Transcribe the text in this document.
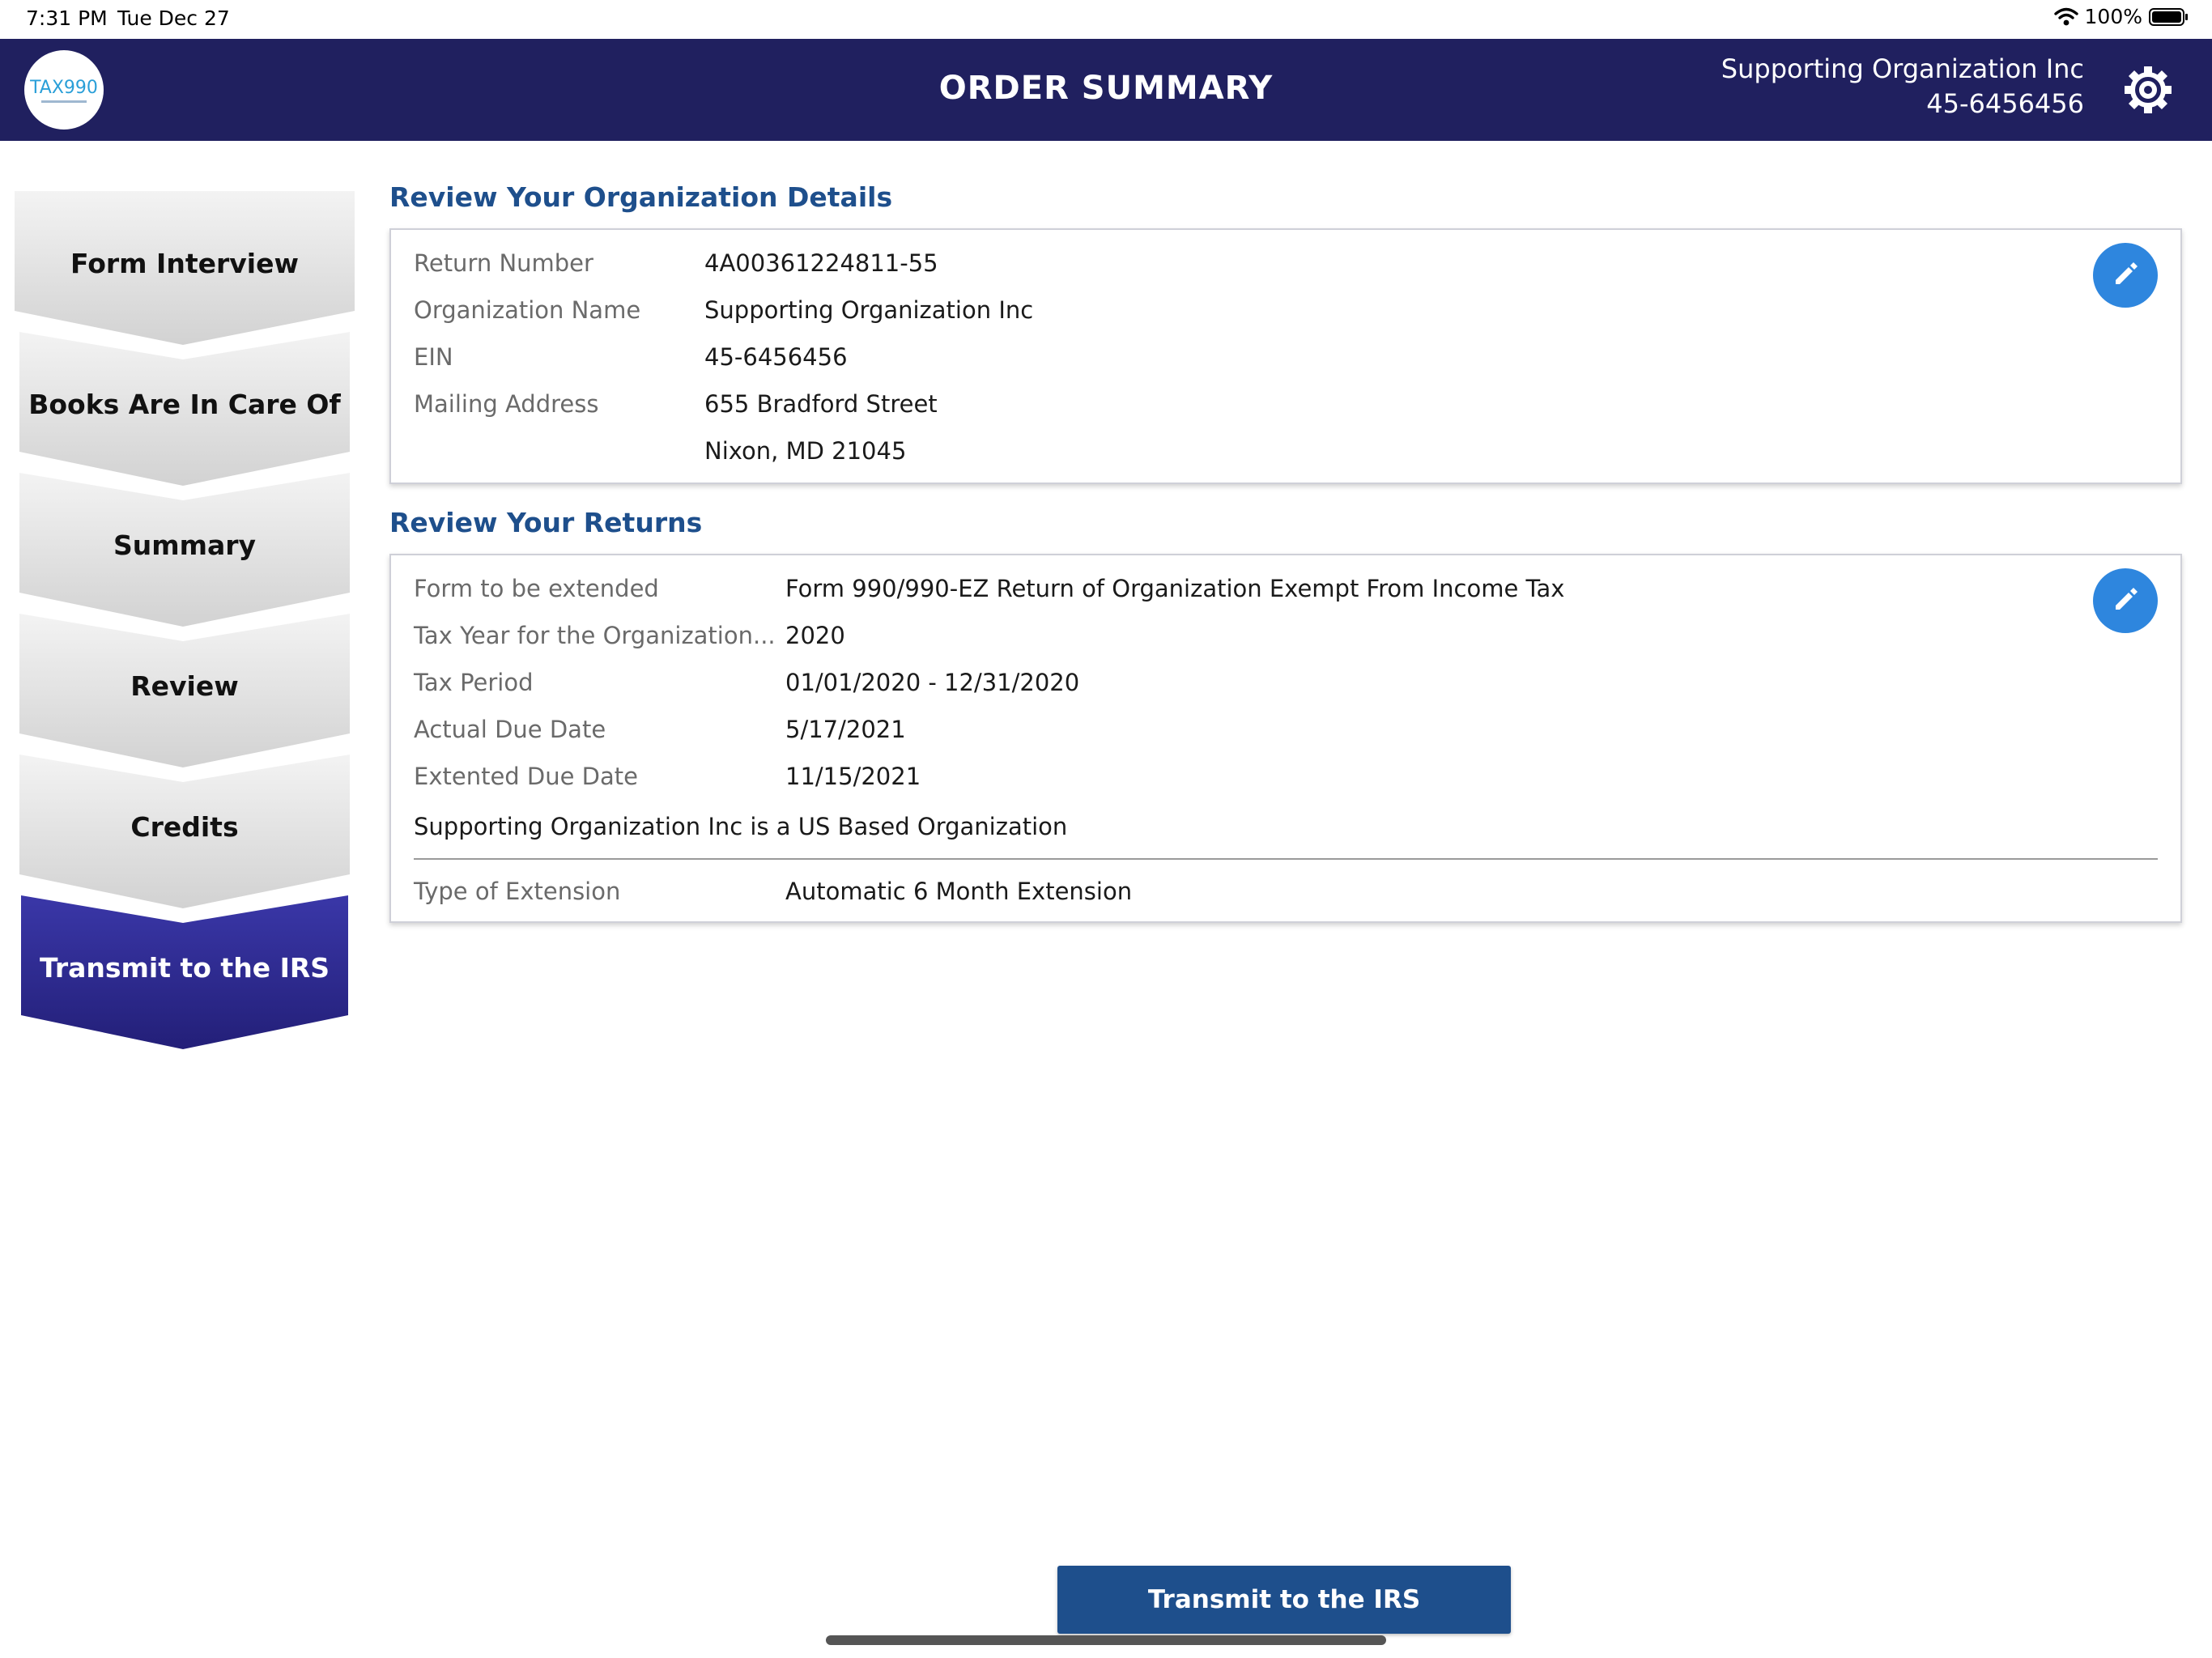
7:31 PM Tue Dec 27	100%
TAX990	ORDER SUMMARY
Supporting Organization Inc
45-6456456
Form Interview
Books Are In Care Of
Summary
Review
Credits
Transmit to the IRS
Review Your Organization Details
Return Number	4A00361224811-55
Organization Name	Supporting Organization Inc
EIN	45-6456456
Mailing Address	655 Bradford Street
Nixon, MD 21045
Review Your Returns
Form to be extended	Form 990/990-EZ Return of Organization Exempt From Income Tax
Tax Year for the Organization... 2020
Tax Period	01/01/2020 - 12/31/2020
Actual Due Date	5/17/2021
Extented Due Date	11/15/2021
Supporting Organization Inc is a US Based Organization
Type of Extension	Automatic 6 Month Extension
Transmit to the IRS
